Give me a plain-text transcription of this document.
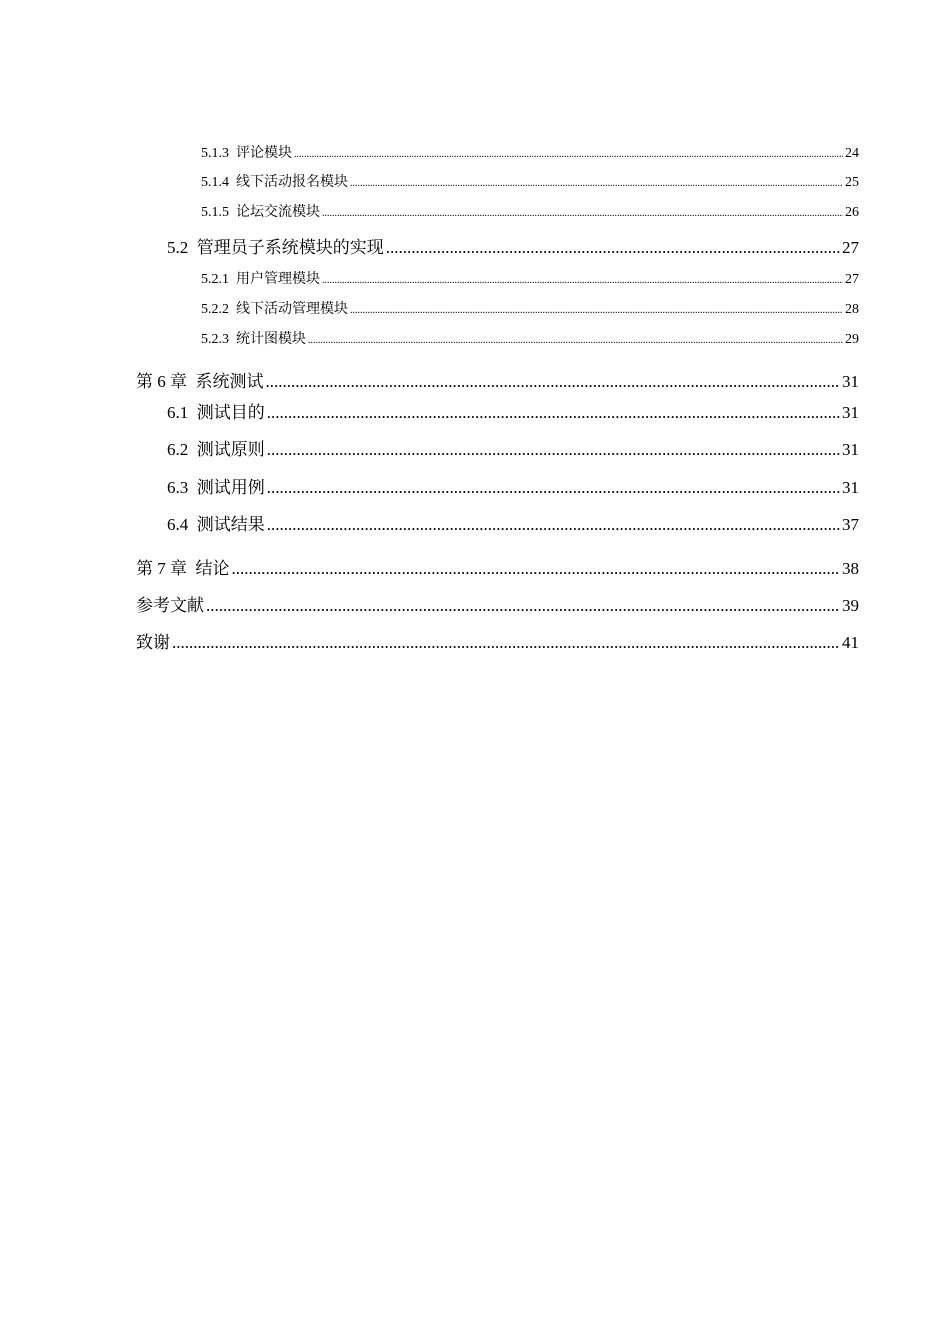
5.1.3 评论模块 .....	24
5.1.4 线下活动报名模块 .....	25
5.1.5 论坛交流模块 .....	26
5.2 管理员子系统模块的实现 .....	27
5.2.1 用户管理模块 .....	27
5.2.2 线下活动管理模块 .....	28
5.2.3 统计图模块 .....	29
第 6 章 系统测试 .....	31
6.1 测试目的 .....	31
6.2 测试原则 .....	31
6.3 测试用例 .....	31
6.4 测试结果 .....	37
第 7 章 结论 .....	38
参考文献 .....	39
致谢 .....	41
